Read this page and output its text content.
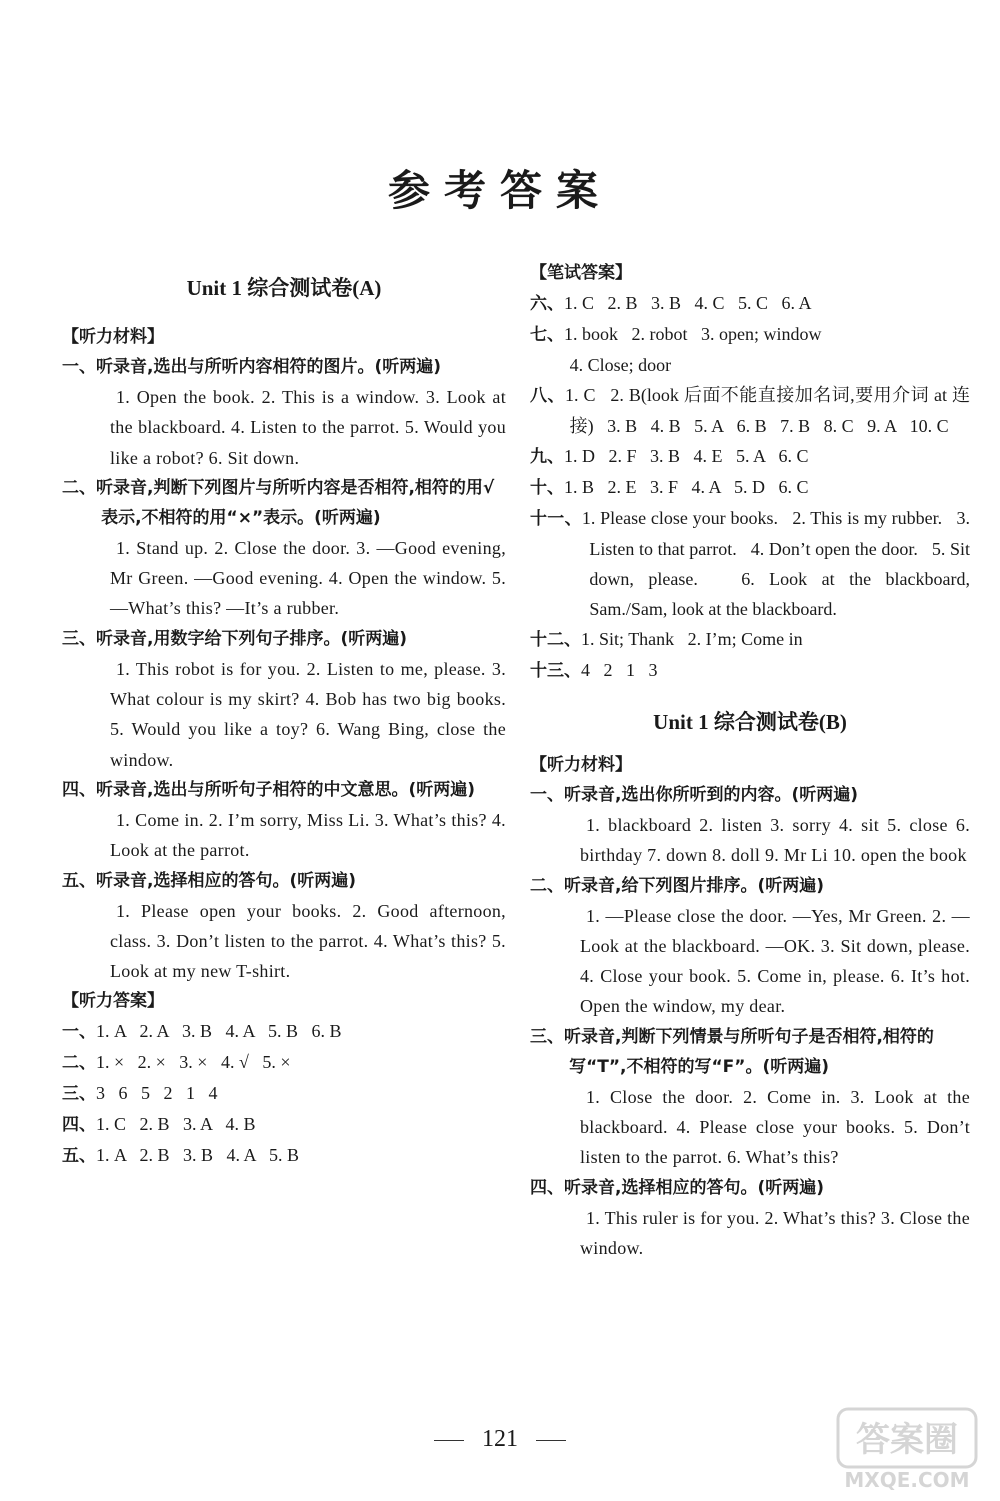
参考答案
Unit 1 综合测试卷(A)
【听力材料】
一、听录音,选出与所听内容相符的图片。(听两遍)
1. Open the book. 2. This is a window. 3. Look at the blackboard. 4. Listen to the parrot. 5. Would you like a robot? 6. Sit down.
二、听录音,判断下列图片与所听内容是否相符,相符的用√表示,不相符的用“×”表示。(听两遍)
1. Stand up. 2. Close the door. 3. —Good evening, Mr Green. —Good evening. 4. Open the window. 5. —What’s this? —It’s a rubber.
三、听录音,用数字给下列句子排序。(听两遍)
1. This robot is for you. 2. Listen to me, please. 3. What colour is my skirt? 4. Bob has two big books. 5. Would you like a toy? 6. Wang Bing, close the window.
四、听录音,选出与所听句子相符的中文意思。(听两遍)
1. Come in. 2. I’m sorry, Miss Li. 3. What’s this? 4. Look at the parrot.
五、听录音,选择相应的答句。(听两遍)
1. Please open your books. 2. Good afternoon, class. 3. Don’t listen to the parrot. 4. What’s this? 5. Look at my new T-shirt.
【听力答案】
一、1. A   2. A   3. B   4. A   5. B   6. B
二、1. ×   2. ×   3. ×   4. √   5. ×
三、3   6   5   2   1   4
四、1. C   2. B   3. A   4. B
五、1. A   2. B   3. B   4. A   5. B
【笔试答案】
六、1. C   2. B   3. B   4. C   5. C   6. A
七、1. book   2. robot   3. open; window
4. Close; door
八、1. C   2. B(look 后面不能直接加名词,要用介词 at 连接)   3. B   4. B   5. A   6. B   7. B   8. C   9. A   10. C
九、1. D   2. F   3. B   4. E   5. A   6. C
十、1. B   2. E   3. F   4. A   5. D   6. C
十一、1. Please close your books.   2. This is my rubber.   3. Listen to that parrot.   4. Don’t open the door.   5. Sit down, please.   6. Look at the blackboard, Sam./Sam, look at the blackboard.
十二、1. Sit; Thank   2. I’m; Come in
十三、4   2   1   3
Unit 1 综合测试卷(B)
【听力材料】
一、听录音,选出你所听到的内容。(听两遍)
1. blackboard 2. listen 3. sorry 4. sit 5. close 6. birthday 7. down 8. doll 9. Mr Li 10. open the book
二、听录音,给下列图片排序。(听两遍)
1. —Please close the door. —Yes, Mr Green. 2. —Look at the blackboard. —OK. 3. Sit down, please. 4. Close your book. 5. Come in, please. 6. It’s hot. Open the window, my dear.
三、听录音,判断下列情景与所听句子是否相符,相符的写“T”,不相符的写“F”。(听两遍)
1. Close the door. 2. Come in. 3. Look at the blackboard. 4. Please close your books. 5. Don’t listen to the parrot. 6. What’s this?
四、听录音,选择相应的答句。(听两遍)
1. This ruler is for you. 2. What’s this? 3. Close the window.
121	答案圈
MXQE.COM
